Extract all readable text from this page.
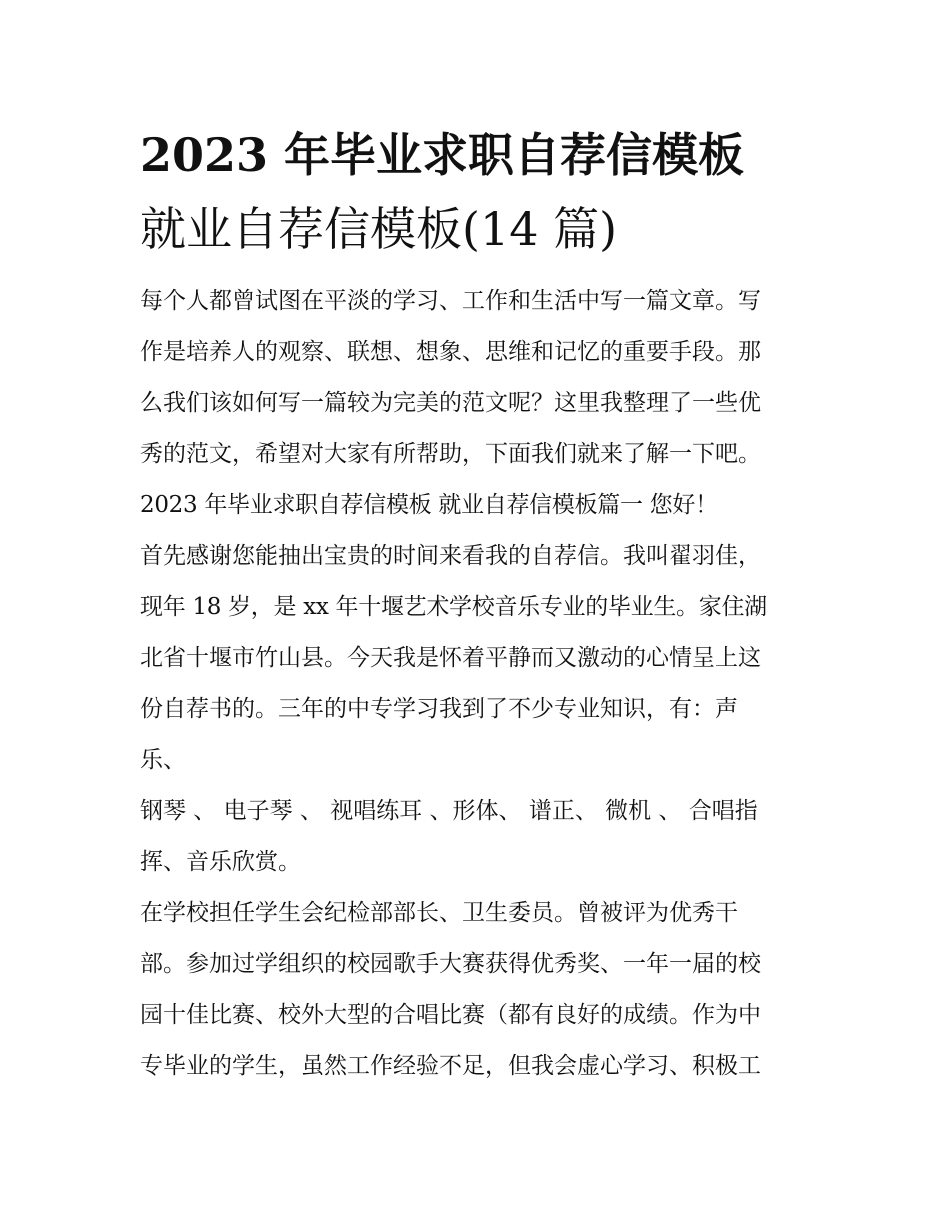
2023 年毕业求职自荐信模板
就业自荐信模板(14 篇)
每个人都曾试图在平淡的学习、工作和生活中写一篇文章。写
作是培养人的观察、联想、想象、思维和记忆的重要手段。那
么我们该如何写一篇较为完美的范文呢？这里我整理了一些优
秀的范文，希望对大家有所帮助，下面我们就来了解一下吧。
2023 年毕业求职自荐信模板 就业自荐信模板篇一 您好！
首先感谢您能抽出宝贵的时间来看我的自荐信。我叫翟羽佳，
现年 18 岁，是 xx 年十堰艺术学校音乐专业的毕业生。家住湖
北省十堰市竹山县。今天我是怀着平静而又激动的心情呈上这
份自荐书的。三年的中专学习我到了不少专业知识，有：声
乐、
钢琴 、 电子琴 、 视唱练耳 、形体、 谱正、 微机 、 合唱指
挥、音乐欣赏。
在学校担任学生会纪检部部长、卫生委员。曾被评为优秀干
部。参加过学组织的校园歌手大赛获得优秀奖、一年一届的校
园十佳比赛、校外大型的合唱比赛（都有良好的成绩。作为中
专毕业的学生，虽然工作经验不足，但我会虚心学习、积极工
